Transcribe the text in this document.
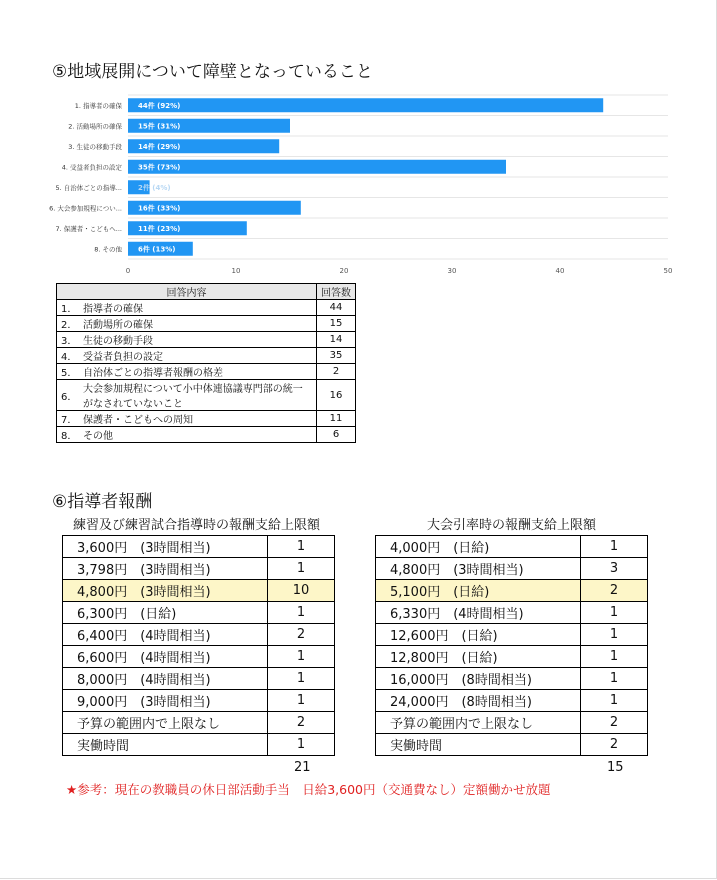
⑤地域展開について障壁となっていること
0	10	20	30	40	50
1. 指導者の確保 44件 (92%)
2. 活動場所の確保 15件 (31%)
3. 生徒の移動手段 14件 (29%)
4. 受益者負担の設定 35件 (73%)
5. 自治体ごとの指導... 2件 (4%)
6. 大会参加規程につい... 16件 (33%)
7. 保護者・こどもへ... 11件 (23%)
8. その他 6件 (13%)
回答内容		回答数
1．	指導者の確保	44
2．	活動場所の確保	15
3．	生徒の移動手段	14
4．	受益者負担の設定	35
5．	自治体ごとの指導者報酬の格差	2
6．	大会参加規程について小中体連協議専門部の統一がなされていないこと	16
7．	保護者・こどもへの周知	11
8．	その他	6
⑥指導者報酬
練習及び練習試合指導時の報酬支給上限額
3,600円　(3時間相当)	1
3,798円　(3時間相当)	1
4,800円　(3時間相当)	10
6,300円　(日給)	1
6,400円　(4時間相当)	2
6,600円　(4時間相当)	1
8,000円　(4時間相当)	1
9,000円　(3時間相当)	1
予算の範囲内で上限なし	2
実働時間	1
21
大会引率時の報酬支給上限額
4,000円　(日給)	1
4,800円　(3時間相当)	3
5,100円　(日給)	2
6,330円　(4時間相当)	1
12,600円　(日給)	1
12,800円　(日給)	1
16,000円　(8時間相当)	1
24,000円　(8時間相当)	1
予算の範囲内で上限なし	2
実働時間	2
15
★参考：現在の教職員の休日部活動手当　日給3,600円（交通費なし）定額働かせ放題
